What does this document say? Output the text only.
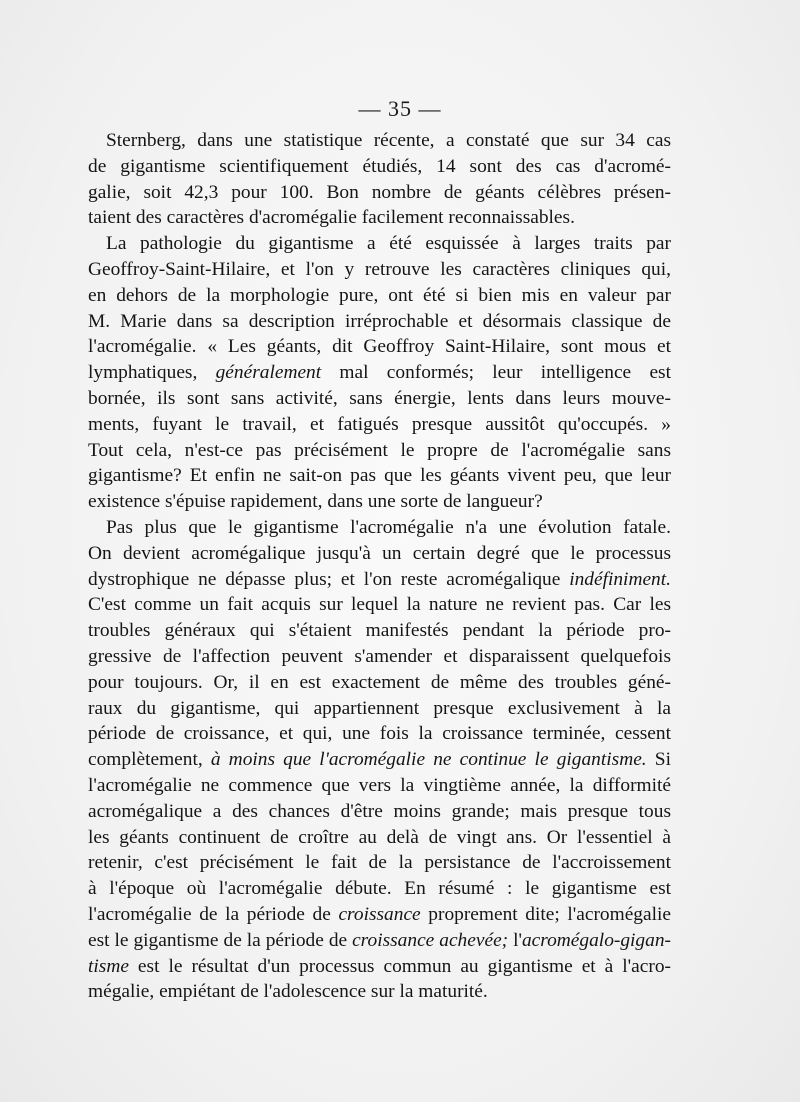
— 35 —

Sternberg, dans une statistique récente, a constaté que sur 34 cas
de gigantisme scientifiquement étudiés, 14 sont des cas d'acromé-
galie, soit 42,3 pour 100. Bon nombre de géants célèbres présen-
taient des caractères d'acromégalie facilement reconnaissables.

La pathologie du gigantisme a été esquissée à larges traits par
Geoffroy-Saint-Hilaire, et l'on y retrouve les caractères cliniques qui,
en dehors de la morphologie pure, ont été si bien mis en valeur par
M. Marie dans sa description irréprochable et désormais classique de
l'acromégalie. « Les géants, dit Geoffroy Saint-Hilaire, sont mous et
lymphatiques, généralement mal conformés; leur intelligence est
bornée, ils sont sans activité, sans énergie, lents dans leurs mouve-
ments, fuyant le travail, et fatigués presque aussitôt qu'occupés. »
Tout cela, n'est-ce pas précisément le propre de l'acromégalie sans
gigantisme? Et enfin ne sait-on pas que les géants vivent peu, que leur
existence s'épuise rapidement, dans une sorte de langueur?

Pas plus que le gigantisme l'acromégalie n'a une évolution fatale.
On devient acromégalique jusqu'à un certain degré que le processus
dystrophique ne dépasse plus; et l'on reste acromégalique indéfiniment.
C'est comme un fait acquis sur lequel la nature ne revient pas. Car les
troubles généraux qui s'étaient manifestés pendant la période pro-
gressive de l'affection peuvent s'amender et disparaissent quelquefois
pour toujours. Or, il en est exactement de même des troubles géné-
raux du gigantisme, qui appartiennent presque exclusivement à la
période de croissance, et qui, une fois la croissance terminée, cessent
complètement, à moins que l'acromégalie ne continue le gigantisme. Si
l'acromégalie ne commence que vers la vingtième année, la difformité
acromégalique a des chances d'être moins grande; mais presque tous
les géants continuent de croître au delà de vingt ans. Or l'essentiel à
retenir, c'est précisément le fait de la persistance de l'accroissement
à l'époque où l'acromégalie débute. En résumé : le gigantisme est
l'acromégalie de la période de croissance proprement dite; l'acromégalie
est le gigantisme de la période de croissance achevée; l'acromégalo-gigan-
tisme est le résultat d'un processus commun au gigantisme et à l'acro-
mégalie, empiétant de l'adolescence sur la maturité.
